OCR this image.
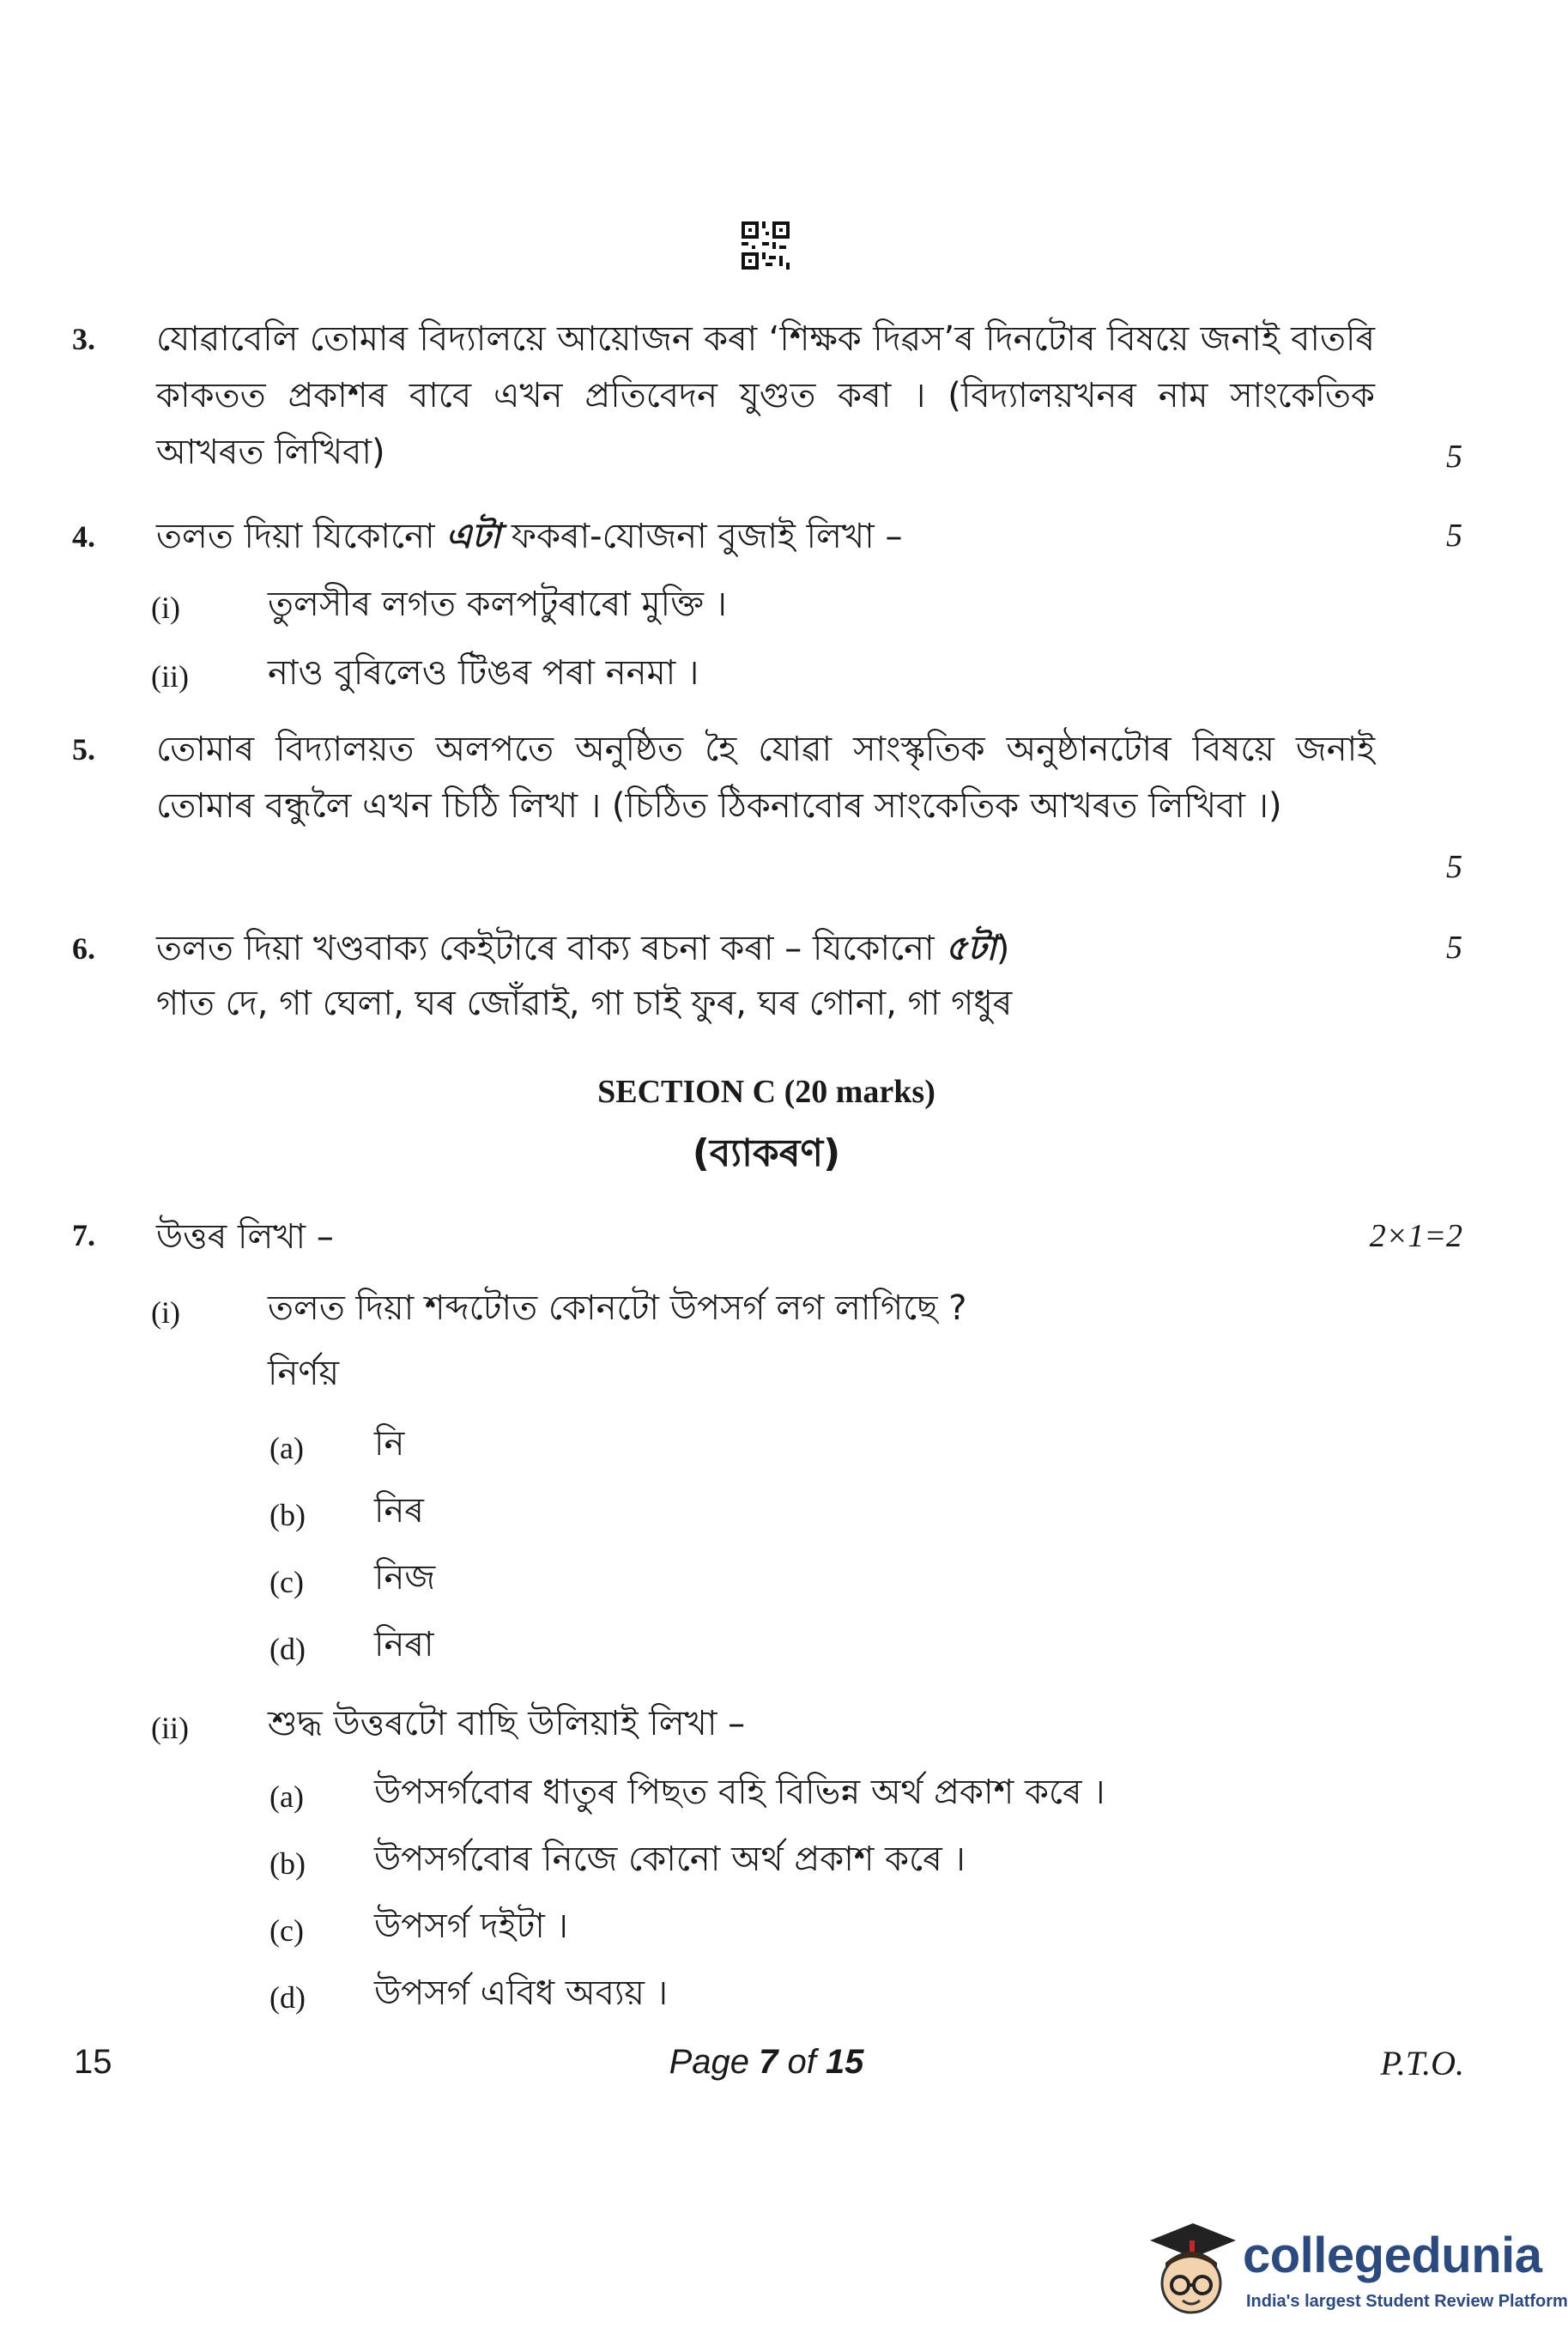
3. যোৱাবেলি তোমাৰ বিদ্যালয়ে আয়োজন কৰা ‘শিক্ষক দিৱস’ৰ দিনটোৰ বিষয়ে জনাই বাতৰি কাকতত প্ৰকাশৰ বাবে এখন প্ৰতিবেদন যুগুত কৰা । (বিদ্যালয়খনৰ নাম সাংকেতিক আখৰত লিখিবা)	5
4. তলত দিয়া যিকোনো এটা ফকৰা-যোজনা বুজাই লিখা –	5
(i)	তুলসীৰ লগত কলপটুৰাৰো মুক্তি ।
(ii) নাও বুৰিলেও টিঙৰ পৰা ননমা ।
5. তোমাৰ বিদ্যালয়ত অলপতে অনুষ্ঠিত হৈ যোৱা সাংস্কৃতিক অনুষ্ঠানটোৰ বিষয়ে জনাই তোমাৰ বন্ধুলৈ এখন চিঠি লিখা । (চিঠিত ঠিকনাবোৰ সাংকেতিক আখৰত লিখিবা ।)
5
6. তলত দিয়া খণ্ডবাক্য কেইটাৰে বাক্য ৰচনা কৰা – যিকোনো ৫টা)
গাত দে, গা ঘেলা, ঘৰ জোঁৱাই, গা চাই ফুৰ, ঘৰ গোনা, গা গধুৰ
5
SECTION C (20 marks)
(ব্যাকৰণ)
7. উত্তৰ লিখা –	2×1=2
(i)	তলত দিয়া শব্দটোত কোনটো উপসৰ্গ লগ লাগিছে ?
নিৰ্ণয়
(a) নি
(b) নিৰ
(c) নিজ
(d) নিৰা
(ii) শুদ্ধ উত্তৰটো বাছি উলিয়াই লিখা –
(a) উপসৰ্গবোৰ ধাতুৰ পিছত বহি বিভিন্ন অৰ্থ প্ৰকাশ কৰে ।
(b) উপসৰ্গবোৰ নিজে কোনো অৰ্থ প্ৰকাশ কৰে ।
(c) উপসৰ্গ দইটা ।
(d) উপসৰ্গ এবিধ অব্যয় ।
15	Page 7 of 15	P.T.O.
collegedunia
India's largest Student Review Platform
